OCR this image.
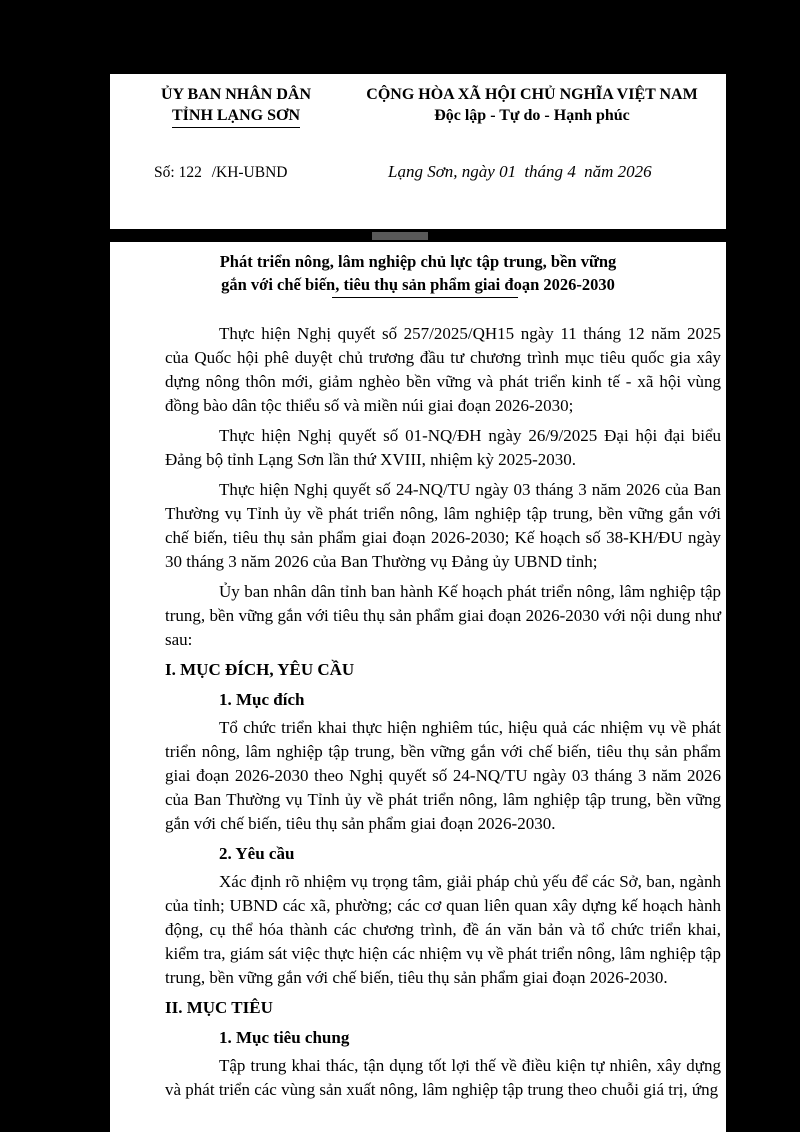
ỦY BAN NHÂN DÂN
TỈNH LẠNG SƠN
CỘNG HÒA XÃ HỘI CHỦ NGHĨA VIỆT NAM
Độc lập - Tự do - Hạnh phúc
Số: 122 /KH-UBND	Lạng Sơn, ngày 01 tháng 4 năm 2026
Phát triển nông, lâm nghiệp chủ lực tập trung, bền vững
gắn với chế biến, tiêu thụ sản phẩm giai đoạn 2026-2030

Thực hiện Nghị quyết số 257/2025/QH15 ngày 11 tháng 12 năm 2025 của Quốc hội phê duyệt chủ trương đầu tư chương trình mục tiêu quốc gia xây dựng nông thôn mới, giảm nghèo bền vững và phát triển kinh tế - xã hội vùng đồng bào dân tộc thiểu số và miền núi giai đoạn 2026-2030;

Thực hiện Nghị quyết số 01-NQ/ĐH ngày 26/9/2025 Đại hội đại biểu Đảng bộ tỉnh Lạng Sơn lần thứ XVIII, nhiệm kỳ 2025-2030.

Thực hiện Nghị quyết số 24-NQ/TU ngày 03 tháng 3 năm 2026 của Ban Thường vụ Tỉnh ủy về phát triển nông, lâm nghiệp tập trung, bền vững gắn với chế biến, tiêu thụ sản phẩm giai đoạn 2026-2030; Kế hoạch số 38-KH/ĐU ngày 30 tháng 3 năm 2026 của Ban Thường vụ Đảng ủy UBND tỉnh;

Ủy ban nhân dân tỉnh ban hành Kế hoạch phát triển nông, lâm nghiệp tập trung, bền vững gắn với tiêu thụ sản phẩm giai đoạn 2026-2030 với nội dung như sau:

I. MỤC ĐÍCH, YÊU CẦU
1. Mục đích

Tổ chức triển khai thực hiện nghiêm túc, hiệu quả các nhiệm vụ về phát triển nông, lâm nghiệp tập trung, bền vững gắn với chế biến, tiêu thụ sản phẩm giai đoạn 2026-2030 theo Nghị quyết số 24-NQ/TU ngày 03 tháng 3 năm 2026 của Ban Thường vụ Tỉnh ủy về phát triển nông, lâm nghiệp tập trung, bền vững gắn với chế biến, tiêu thụ sản phẩm giai đoạn 2026-2030.

2. Yêu cầu

Xác định rõ nhiệm vụ trọng tâm, giải pháp chủ yếu để các Sở, ban, ngành của tỉnh; UBND các xã, phường; các cơ quan liên quan xây dựng kế hoạch hành động, cụ thể hóa thành các chương trình, đề án văn bản và tổ chức triển khai, kiểm tra, giám sát việc thực hiện các nhiệm vụ về phát triển nông, lâm nghiệp tập trung, bền vững gắn với chế biến, tiêu thụ sản phẩm giai đoạn 2026-2030.

II. MỤC TIÊU
1. Mục tiêu chung

Tập trung khai thác, tận dụng tốt lợi thế về điều kiện tự nhiên, xây dựng và phát triển các vùng sản xuất nông, lâm nghiệp tập trung theo chuỗi giá trị, ứng
